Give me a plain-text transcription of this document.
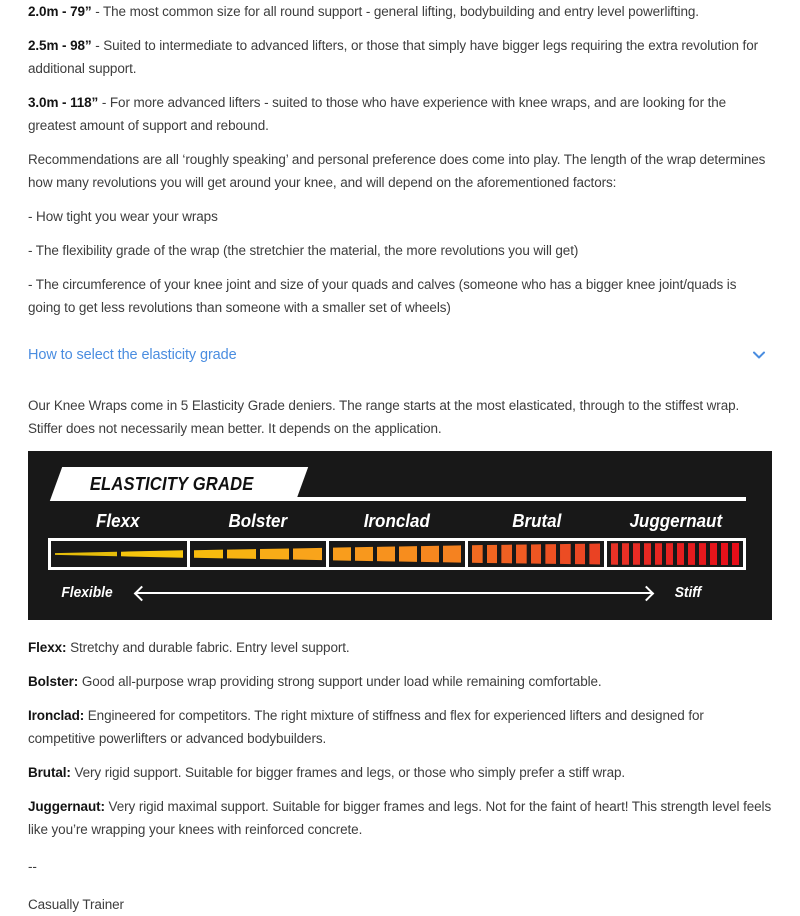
2.0m - 79” - The most common size for all round support - general lifting, bodybuilding and entry level powerlifting.

2.5m - 98” - Suited to intermediate to advanced lifters, or those that simply have bigger legs requiring the extra revolution for additional support.

3.0m - 118” - For more advanced lifters - suited to those who have experience with knee wraps, and are looking for the greatest amount of support and rebound.

Recommendations are all ‘roughly speaking’ and personal preference does come into play. The length of the wrap determines how many revolutions you will get around your knee, and will depend on the aforementioned factors:

- How tight you wear your wraps

- The flexibility grade of the wrap (the stretchier the material, the more revolutions you will get)

- The circumference of your knee joint and size of your quads and calves (someone who has a bigger knee joint/quads is going to get less revolutions than someone with a smaller set of wheels)

How to select the elasticity grade

Our Knee Wraps come in 5 Elasticity Grade deniers. The range starts at the most elasticated, through to the stiffest wrap. Stiffer does not necessarily mean better. It depends on the application.

ELASTICITY GRADE
Flexx	Bolster	Ironclad	Brutal	Juggernaut
Flexible	Stiff

Flexx: Stretchy and durable fabric. Entry level support.

Bolster: Good all-purpose wrap providing strong support under load while remaining comfortable.

Ironclad: Engineered for competitors. The right mixture of stiffness and flex for experienced lifters and designed for competitive powerlifters or advanced bodybuilders.

Brutal: Very rigid support. Suitable for bigger frames and legs, or those who simply prefer a stiff wrap.

Juggernaut: Very rigid maximal support. Suitable for bigger frames and legs. Not for the faint of heart! This strength level feels like you’re wrapping your knees with reinforced concrete.

--

Casually Trainer
